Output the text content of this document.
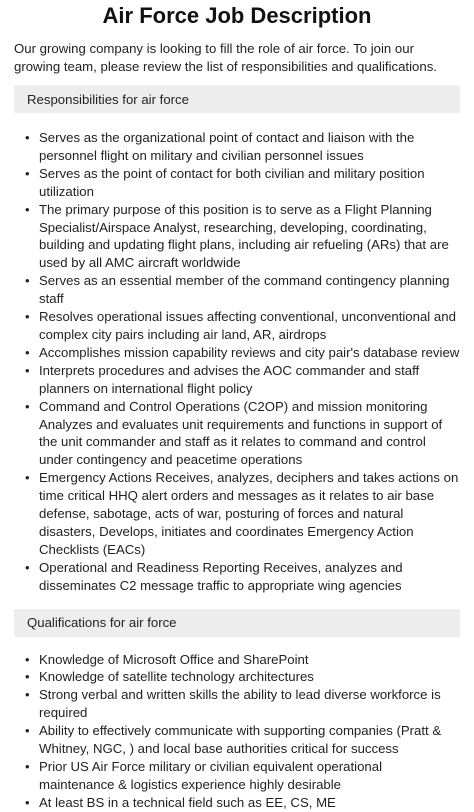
Air Force Job Description

Our growing company is looking to fill the role of air force. To join our growing team, please review the list of responsibilities and qualifications.

Responsibilities for air force
• Serves as the organizational point of contact and liaison with the personnel flight on military and civilian personnel issues
• Serves as the point of contact for both civilian and military position utilization
• The primary purpose of this position is to serve as a Flight Planning Specialist/Airspace Analyst, researching, developing, coordinating, building and updating flight plans, including air refueling (ARs) that are used by all AMC aircraft worldwide
• Serves as an essential member of the command contingency planning staff
• Resolves operational issues affecting conventional, unconventional and complex city pairs including air land, AR, airdrops
• Accomplishes mission capability reviews and city pair's database review
• Interprets procedures and advises the AOC commander and staff planners on international flight policy
• Command and Control Operations (C2OP) and mission monitoring Analyzes and evaluates unit requirements and functions in support of the unit commander and staff as it relates to command and control under contingency and peacetime operations
• Emergency Actions Receives, analyzes, deciphers and takes actions on time critical HHQ alert orders and messages as it relates to air base defense, sabotage, acts of war, posturing of forces and natural disasters, Develops, initiates and coordinates Emergency Action Checklists (EACs)
• Operational and Readiness Reporting Receives, analyzes and disseminates C2 message traffic to appropriate wing agencies
Qualifications for air force
• Knowledge of Microsoft Office and SharePoint
• Knowledge of satellite technology architectures
• Strong verbal and written skills the ability to lead diverse workforce is required
• Ability to effectively communicate with supporting companies (Pratt & Whitney, NGC, ) and local base authorities critical for success
• Prior US Air Force military or civilian equivalent operational maintenance & logistics experience highly desirable
• At least BS in a technical field such as EE, CS, ME
